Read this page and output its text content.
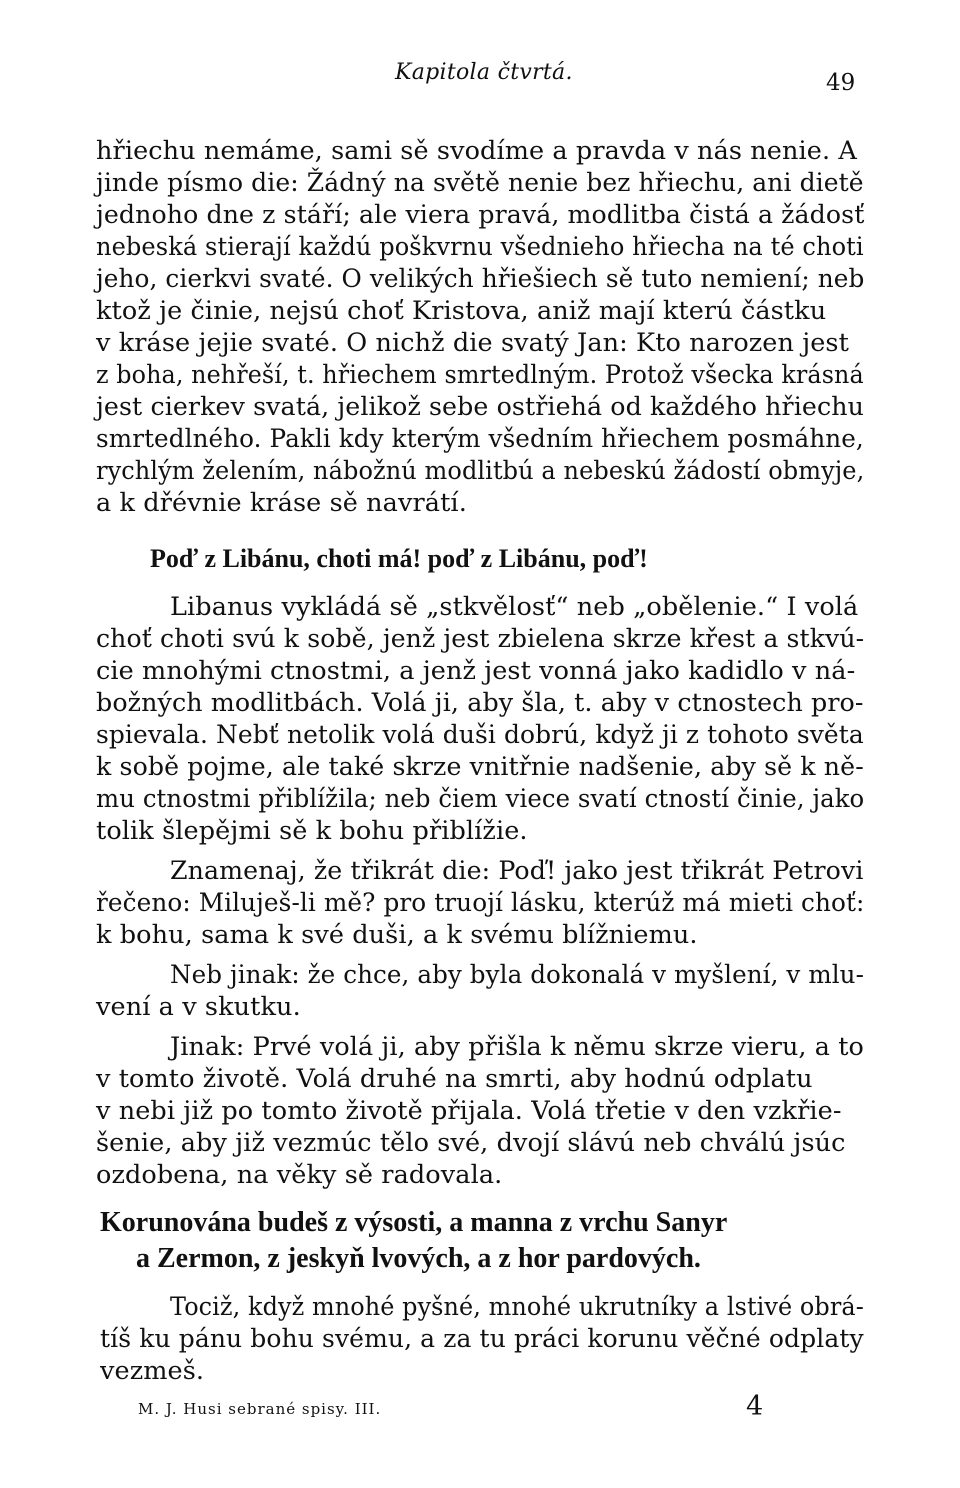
Kapitola čtvrtá.	49
hřiechu nemáme, sami sě svodíme a pravda v nás nenie. A
jinde písmo die: Žádný na světě nenie bez hřiechu, ani dietě
jednoho dne z stáří; ale viera pravá, modlitba čistá a žádosť
nebeská stierají každú poškvrnu všednieho hřiecha na té choti
jeho, cierkvi svaté. O velikých hřiešiech sě tuto nemiení; neb
ktož je činie, nejsú choť Kristova, aniž mají kterú částku
v kráse jejie svaté. O nichž die svatý Jan: Kto narozen jest
z boha, nehřeší, t. hřiechem smrtedlným. Protož všecka krásná
jest cierkev svatá, jelikož sebe ostřiehá od každého hřiechu
smrtedlného. Pakli kdy kterým všedním hřiechem posmáhne,
rychlým želením, nábožnú modlitbú a nebeskú žádostí obmyje,
a k dřévnie kráse sě navrátí.
Poď z Libánu, choti má! poď z Libánu, poď!
Libanus vykládá sě „stkvělosť“ neb „obělenie.“ I volá
choť choti svú k sobě, jenž jest zbielena skrze křest a stkvú-
cie mnohými ctnostmi, a jenž jest vonná jako kadidlo v ná-
božných modlitbách. Volá ji, aby šla, t. aby v ctnostech pro-
spievala. Nebť netolik volá duši dobrú, když ji z tohoto světa
k sobě pojme, ale také skrze vnitřnie nadšenie, aby sě k ně-
mu ctnostmi přiblížila; neb čiem viece svatí ctností činie, jako
tolik šlepějmi sě k bohu přiblížie.
Znamenaj, že třikrát die: Poď! jako jest třikrát Petrovi
řečeno: Miluješ-li mě? pro truojí lásku, kterúž má mieti choť:
k bohu, sama k své duši, a k svému blížniemu.
Neb jinak: že chce, aby byla dokonalá v myšlení, v mlu-
vení a v skutku.
Jinak: Prvé volá ji, aby přišla k němu skrze vieru, a to
v tomto životě. Volá druhé na smrti, aby hodnú odplatu
v nebi již po tomto životě přijala. Volá třetie v den vzkřie-
šenie, aby již vezmúc tělo své, dvojí slávú neb chválú jsúc
ozdobena, na věky sě radovala.
Korunována budeš z výsosti, a manna z vrchu Sanyr
a Zermon, z jeskyň lvových, a z hor pardových.
Tociž, když mnohé pyšné, mnohé ukrutníky a lstivé obrá-
tíš ku pánu bohu svému, a za tu práci korunu věčné odplaty
vezmeš.
M. J. Husi sebrané spisy. III.	4
